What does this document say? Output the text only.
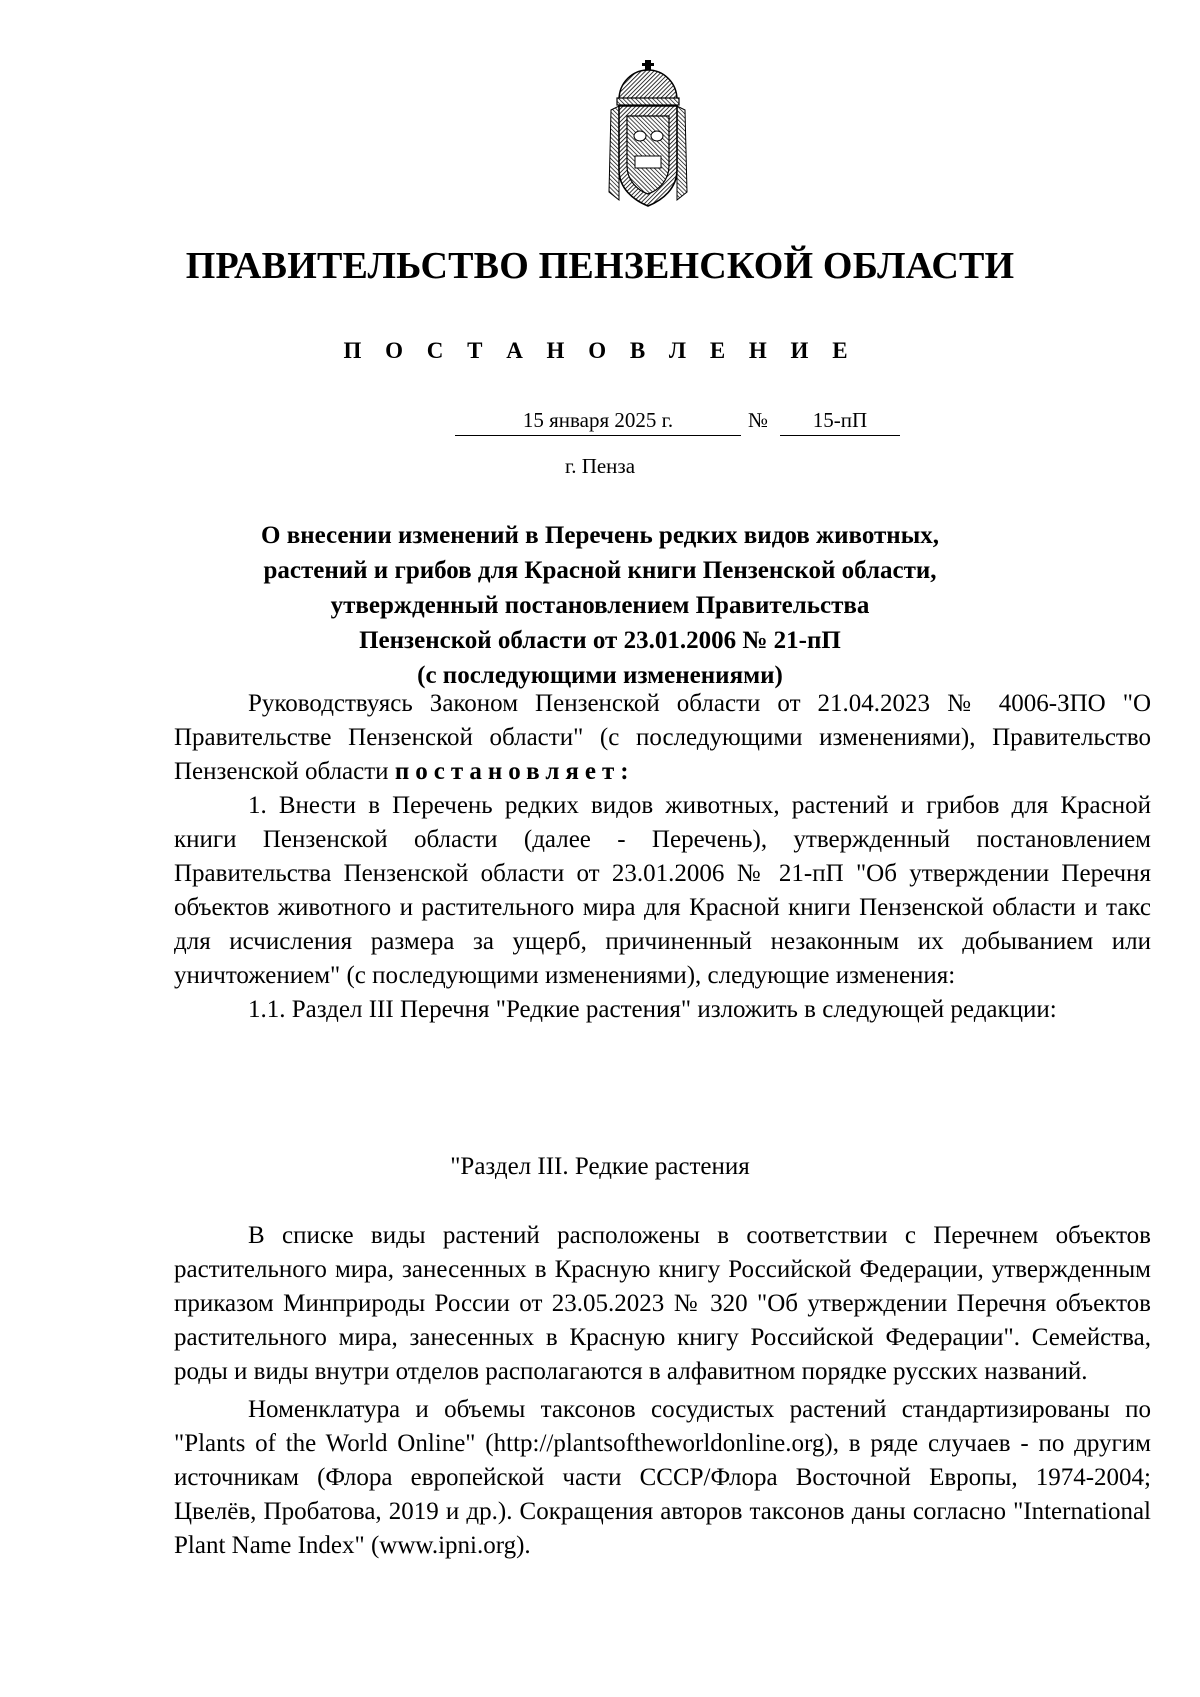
ПРАВИТЕЛЬСТВО ПЕНЗЕНСКОЙ ОБЛАСТИ
П О С Т А Н О В Л Е Н И Е
15 января 2025 г.	№	15-пП
г. Пенза
О внесении изменений в Перечень редких видов животных,
растений и грибов для Красной книги Пензенской области,
утвержденный постановлением Правительства
Пензенской области от 23.01.2006 № 21-пП
(с последующими изменениями)

Руководствуясь Законом Пензенской области от 21.04.2023 № 4006-ЗПО "О Правительстве Пензенской области" (с последующими изменениями), Правительство Пензенской области постановляет:

1. Внести в Перечень редких видов животных, растений и грибов для Красной книги Пензенской области (далее - Перечень), утвержденный постановлением Правительства Пензенской области от 23.01.2006 № 21-пП "Об утверждении Перечня объектов животного и растительного мира для Красной книги Пензенской области и такс для исчисления размера за ущерб, причиненный незаконным их добыванием или уничтожением" (с последующими изменениями), следующие изменения:

1.1. Раздел III Перечня "Редкие растения" изложить в следующей редакции:

"Раздел III. Редкие растения

В списке виды растений расположены в соответствии с Перечнем объектов растительного мира, занесенных в Красную книгу Российской Федерации, утвержденным приказом Минприроды России от 23.05.2023 № 320 "Об утверждении Перечня объектов растительного мира, занесенных в Красную книгу Российской Федерации". Семейства, роды и виды внутри отделов располагаются в алфавитном порядке русских названий.

Номенклатура и объемы таксонов сосудистых растений стандартизированы по "Plants of the World Online" (http://plantsoftheworldonline.org), в ряде случаев - по другим источникам (Флора европейской части СССР/Флора Восточной Европы, 1974-2004; Цвелёв, Пробатова, 2019 и др.). Сокращения авторов таксонов даны согласно "International Plant Name Index" (www.ipni.org).
